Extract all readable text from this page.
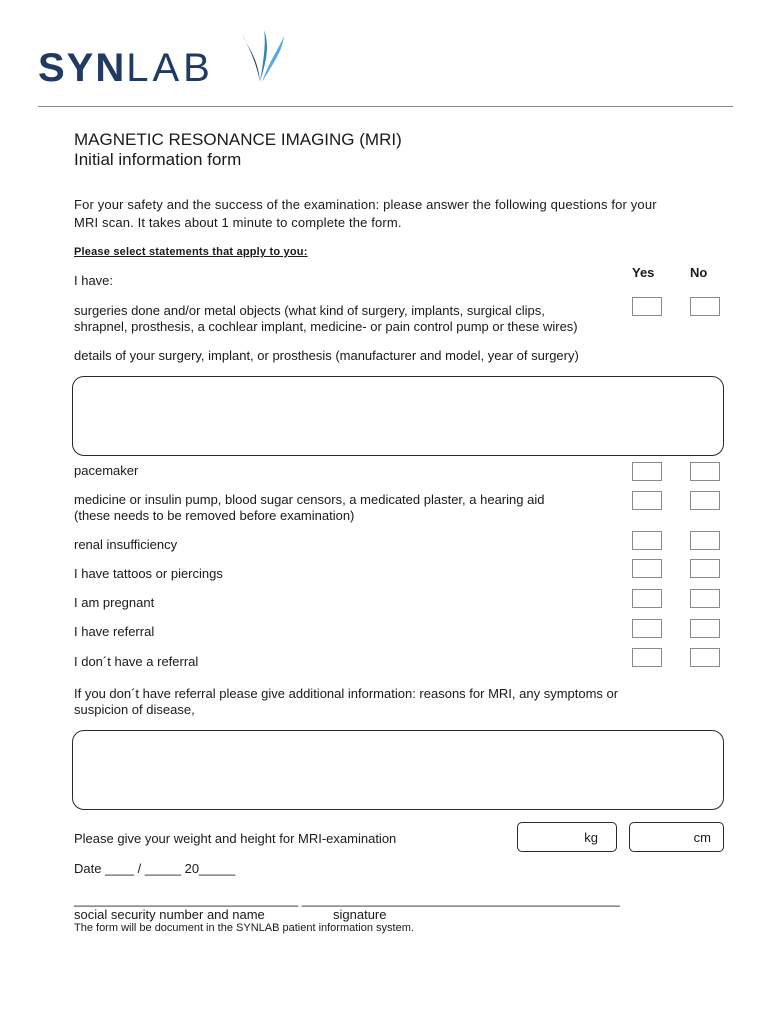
SYNLAB
MAGNETIC RESONANCE IMAGING (MRI)
Initial information form
For your safety and the success of the examination: please answer the following questions for your
MRI scan. It takes about 1 minute to complete the form.
Please select statements that apply to you:
Yes	No
I have:
surgeries done and/or metal objects (what kind of surgery, implants, surgical clips,
shrapnel, prosthesis, a cochlear implant, medicine- or pain control pump or these wires)
details of your surgery, implant, or prosthesis (manufacturer and model, year of surgery)
pacemaker
medicine or insulin pump, blood sugar censors, a medicated plaster, a hearing aid
(these needs to be removed before examination)
renal insufficiency
I have tattoos or piercings
I am pregnant
I have referral
I don´t have a referral
If you don´t have referral please give additional information: reasons for MRI, any symptoms or
suspicion of disease,
Please give your weight and height for MRI-examination	kg	cm
Date ____ / _____ 20_____
_______________________________ ____________________________________________
social security number and name	signature
The form will be document in the SYNLAB patient information system.
